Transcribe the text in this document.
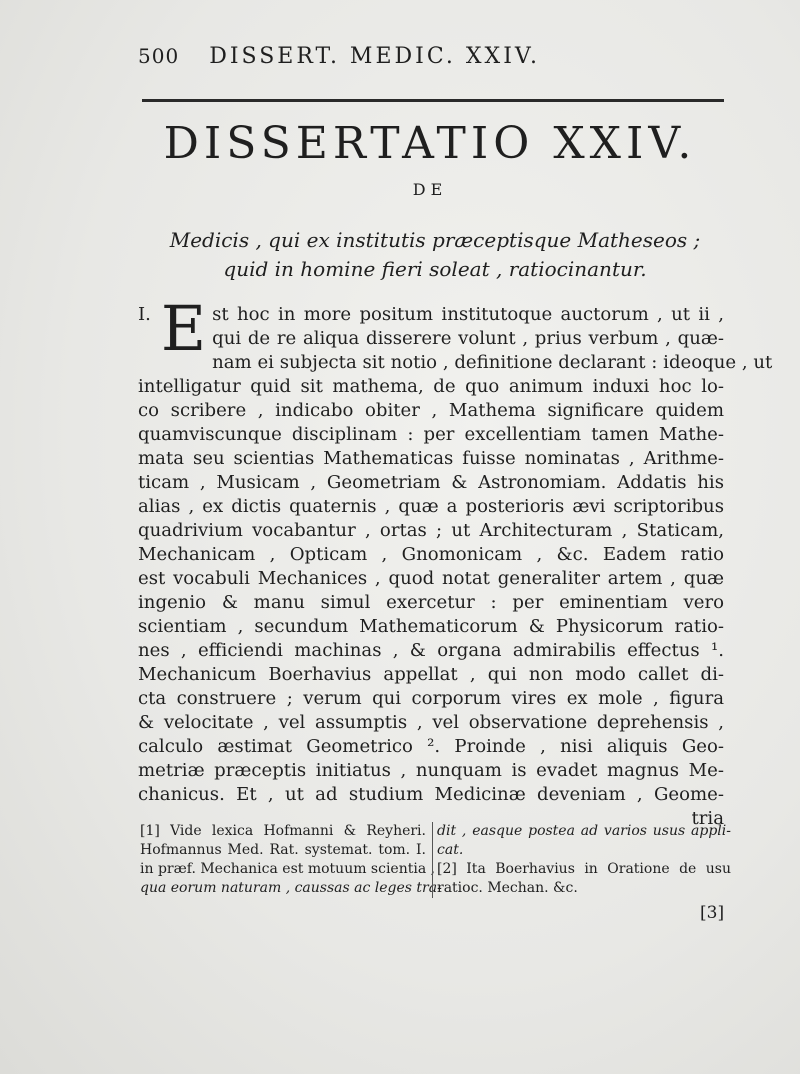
500 DISSERT. MEDIC. XXIV.
DISSERTATIO XXIV.
DE
Medicis , qui ex institutis præceptisque Matheseos ;
quid in homine fieri soleat , ratiocinantur.
I. E st hoc in more positum institutoque auctorum , ut ii ,
qui de re aliqua disserere volunt , prius verbum , quæ-
nam ei subjecta sit notio , definitione declarant : ideoque , ut
intelligatur quid sit mathema, de quo animum induxi hoc lo-
co scribere , indicabo obiter , Mathema significare quidem
quamviscunque disciplinam : per excellentiam tamen Mathe-
mata seu scientias Mathematicas fuisse nominatas , Arithme-
ticam , Musicam , Geometriam & Astronomiam. Addatis his
alias , ex dictis quaternis , quæ a posterioris ævi scriptoribus
quadrivium vocabantur , ortas ; ut Architecturam , Staticam,
Mechanicam , Opticam , Gnomonicam , &c. Eadem ratio
est vocabuli Mechanices , quod notat generaliter artem , quæ
ingenio & manu simul exercetur : per eminentiam vero
scientiam , secundum Mathematicorum & Physicorum ratio-
nes , efficiendi machinas , & organa admirabilis effectus ¹.
Mechanicum Boerhavius appellat , qui non modo callet di-
cta construere ; verum qui corporum vires ex mole , figura
& velocitate , vel assumptis , vel observatione deprehensis ,
calculo æstimat Geometrico ². Proinde , nisi aliquis Geo-
metriæ præceptis initiatus , nunquam is evadet magnus Me-
chanicus. Et , ut ad studium Medicinæ deveniam , Geome-
tria
[1] Vide lexica Hofmanni & Reyheri.
Hofmannus Med. Rat. systemat. tom. I.
in præf. Mechanica est motuum scientia ,
qua eorum naturam , caussas ac leges tra-
dit , easque postea ad varios usus appli-
cat.
[2] Ita Boerhavius in Oratione de usu
ratioc. Mechan. &c.
[3]
